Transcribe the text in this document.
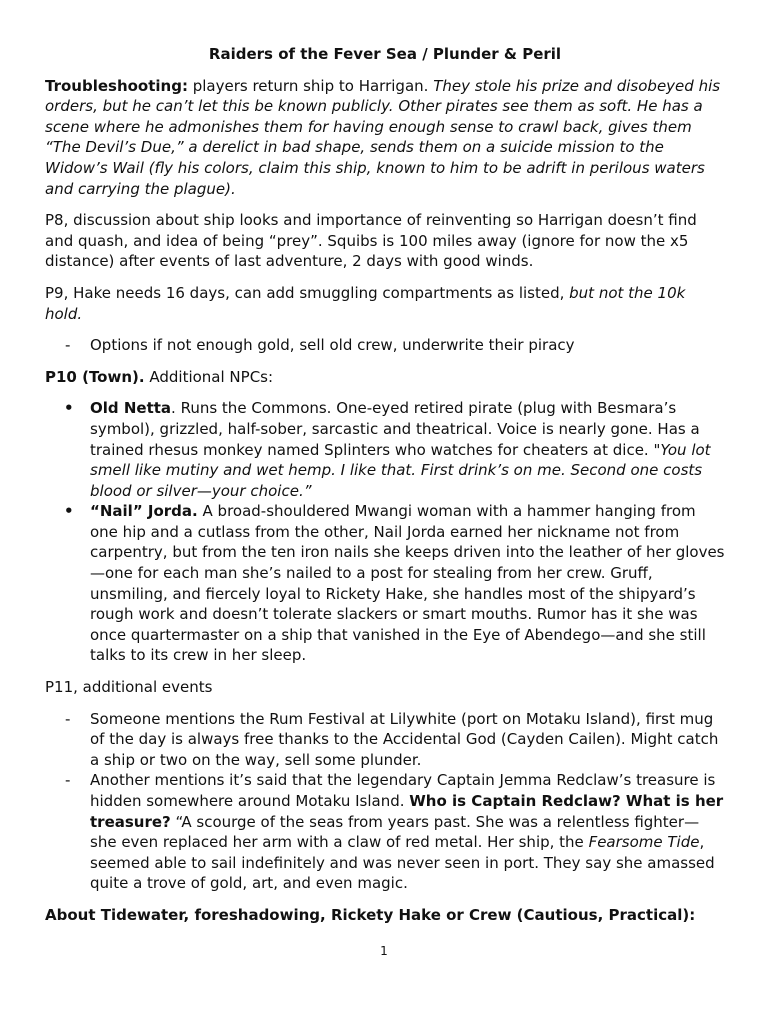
Raiders of the Fever Sea / Plunder & Peril

Troubleshooting: players return ship to Harrigan. They stole his prize and disobeyed his orders, but he can’t let this be known publicly. Other pirates see them as soft. He has a scene where he admonishes them for having enough sense to crawl back, gives them “The Devil’s Due,” a derelict in bad shape, sends them on a suicide mission to the Widow’s Wail (fly his colors, claim this ship, known to him to be adrift in perilous waters and carrying the plague).

P8, discussion about ship looks and importance of reinventing so Harrigan doesn’t find and quash, and idea of being “prey”. Squibs is 100 miles away (ignore for now the x5 distance) after events of last adventure, 2 days with good winds.

P9, Hake needs 16 days, can add smuggling compartments as listed, but not the 10k hold.

- Options if not enough gold, sell old crew, underwrite their piracy

P10 (Town). Additional NPCs:

• Old Netta. Runs the Commons. One-eyed retired pirate (plug with Besmara’s symbol), grizzled, half-sober, sarcastic and theatrical. Voice is nearly gone. Has a trained rhesus monkey named Splinters who watches for cheaters at dice. "You lot smell like mutiny and wet hemp. I like that. First drink’s on me. Second one costs blood or silver—your choice.”
• “Nail” Jorda. A broad-shouldered Mwangi woman with a hammer hanging from one hip and a cutlass from the other, Nail Jorda earned her nickname not from carpentry, but from the ten iron nails she keeps driven into the leather of her gloves—one for each man she’s nailed to a post for stealing from her crew. Gruff, unsmiling, and fiercely loyal to Rickety Hake, she handles most of the shipyard’s rough work and doesn’t tolerate slackers or smart mouths. Rumor has it she was once quartermaster on a ship that vanished in the Eye of Abendego—and she still talks to its crew in her sleep.

P11, additional events

- Someone mentions the Rum Festival at Lilywhite (port on Motaku Island), first mug of the day is always free thanks to the Accidental God (Cayden Cailen). Might catch a ship or two on the way, sell some plunder.
- Another mentions it’s said that the legendary Captain Jemma Redclaw’s treasure is hidden somewhere around Motaku Island. Who is Captain Redclaw? What is her treasure? “A scourge of the seas from years past. She was a relentless fighter—she even replaced her arm with a claw of red metal. Her ship, the Fearsome Tide, seemed able to sail indefinitely and was never seen in port. They say she amassed quite a trove of gold, art, and even magic.

About Tidewater, foreshadowing, Rickety Hake or Crew (Cautious, Practical):

1
